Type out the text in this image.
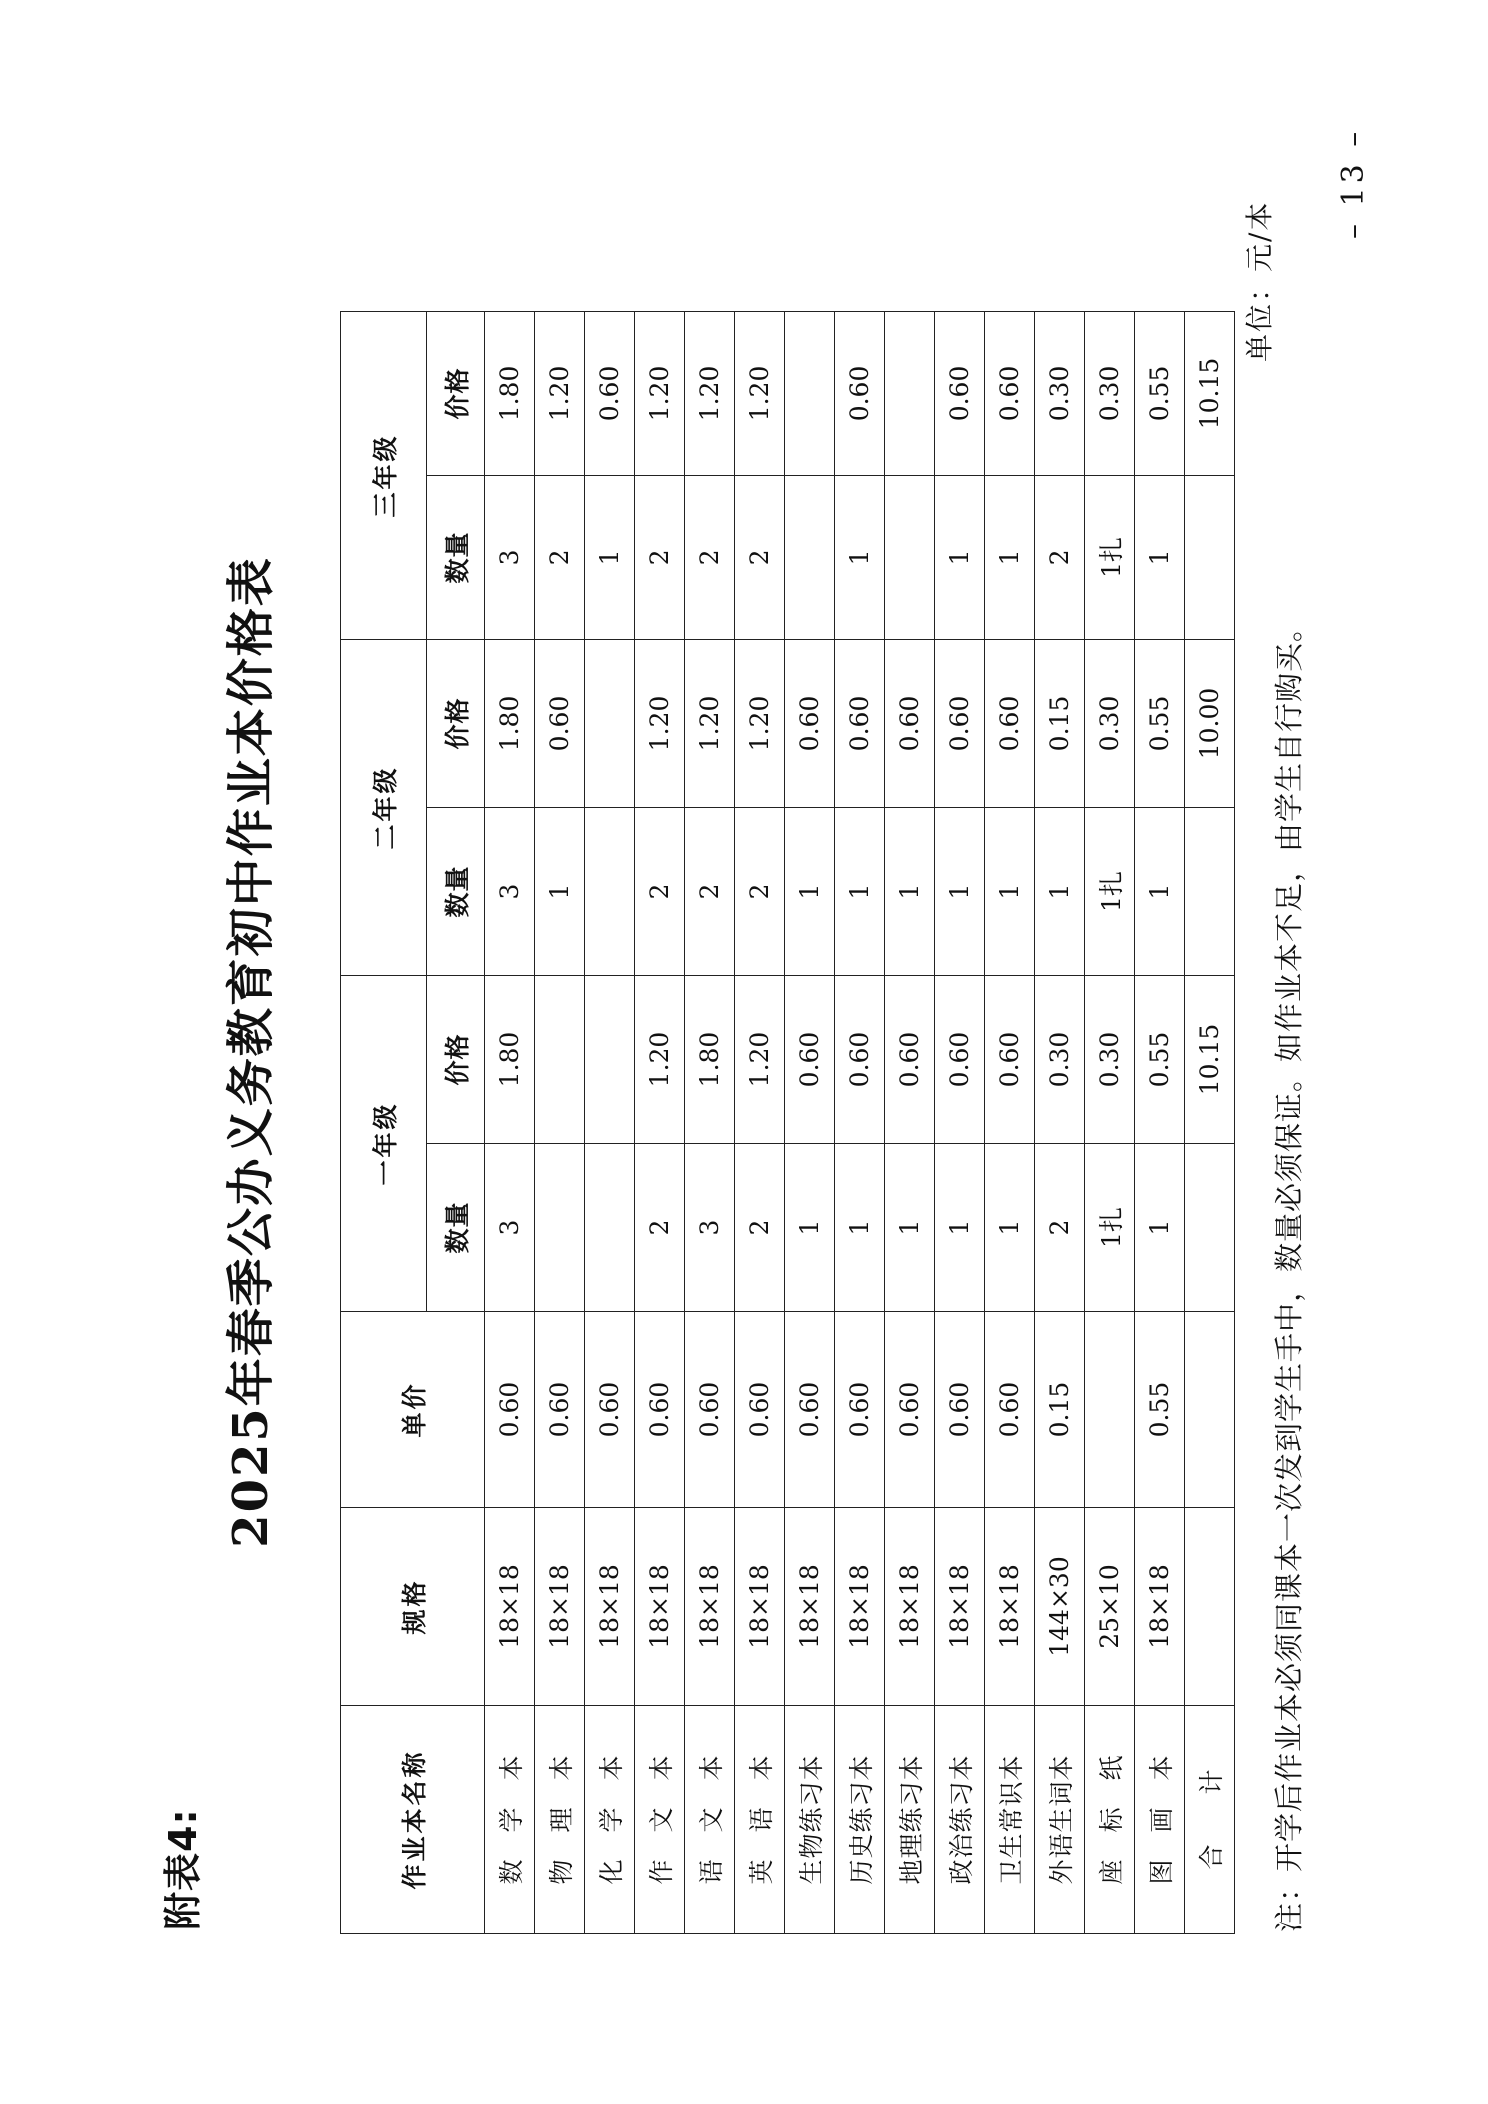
附表4:
2025年春季公办义务教育初中作业本价格表
作业本名称	规格	单价	一年级		二年级		三年级	
			数量	价格	数量	价格	数量	价格
数　学　本	18×18	0.60	3	1.80	3	1.80	3	1.80
物　理　本	18×18	0.60			1	0.60	2	1.20
化　学　本	18×18	0.60					1	0.60
作　文　本	18×18	0.60	2	1.20	2	1.20	2	1.20
语　文　本	18×18	0.60	3	1.80	2	1.20	2	1.20
英　语　本	18×18	0.60	2	1.20	2	1.20	2	1.20
生物练习本	18×18	0.60	1	0.60	1	0.60		
历史练习本	18×18	0.60	1	0.60	1	0.60	1	0.60
地理练习本	18×18	0.60	1	0.60	1	0.60		
政治练习本	18×18	0.60	1	0.60	1	0.60	1	0.60
卫生常识本	18×18	0.60	1	0.60	1	0.60	1	0.60
外语生词本	144×30	0.15	2	0.30	1	0.15	2	0.30
座　标　纸	25×10		1扎	0.30	1扎	0.30	1扎	0.30
图　画　本	18×18	0.55	1	0.55	1	0.55	1	0.55
合　　计				10.15		10.00		10.15
单位：元/本
注：开学后作业本必须同课本一次发到学生手中，数量必须保证。如作业本不足，由学生自行购买。
– 13 –
